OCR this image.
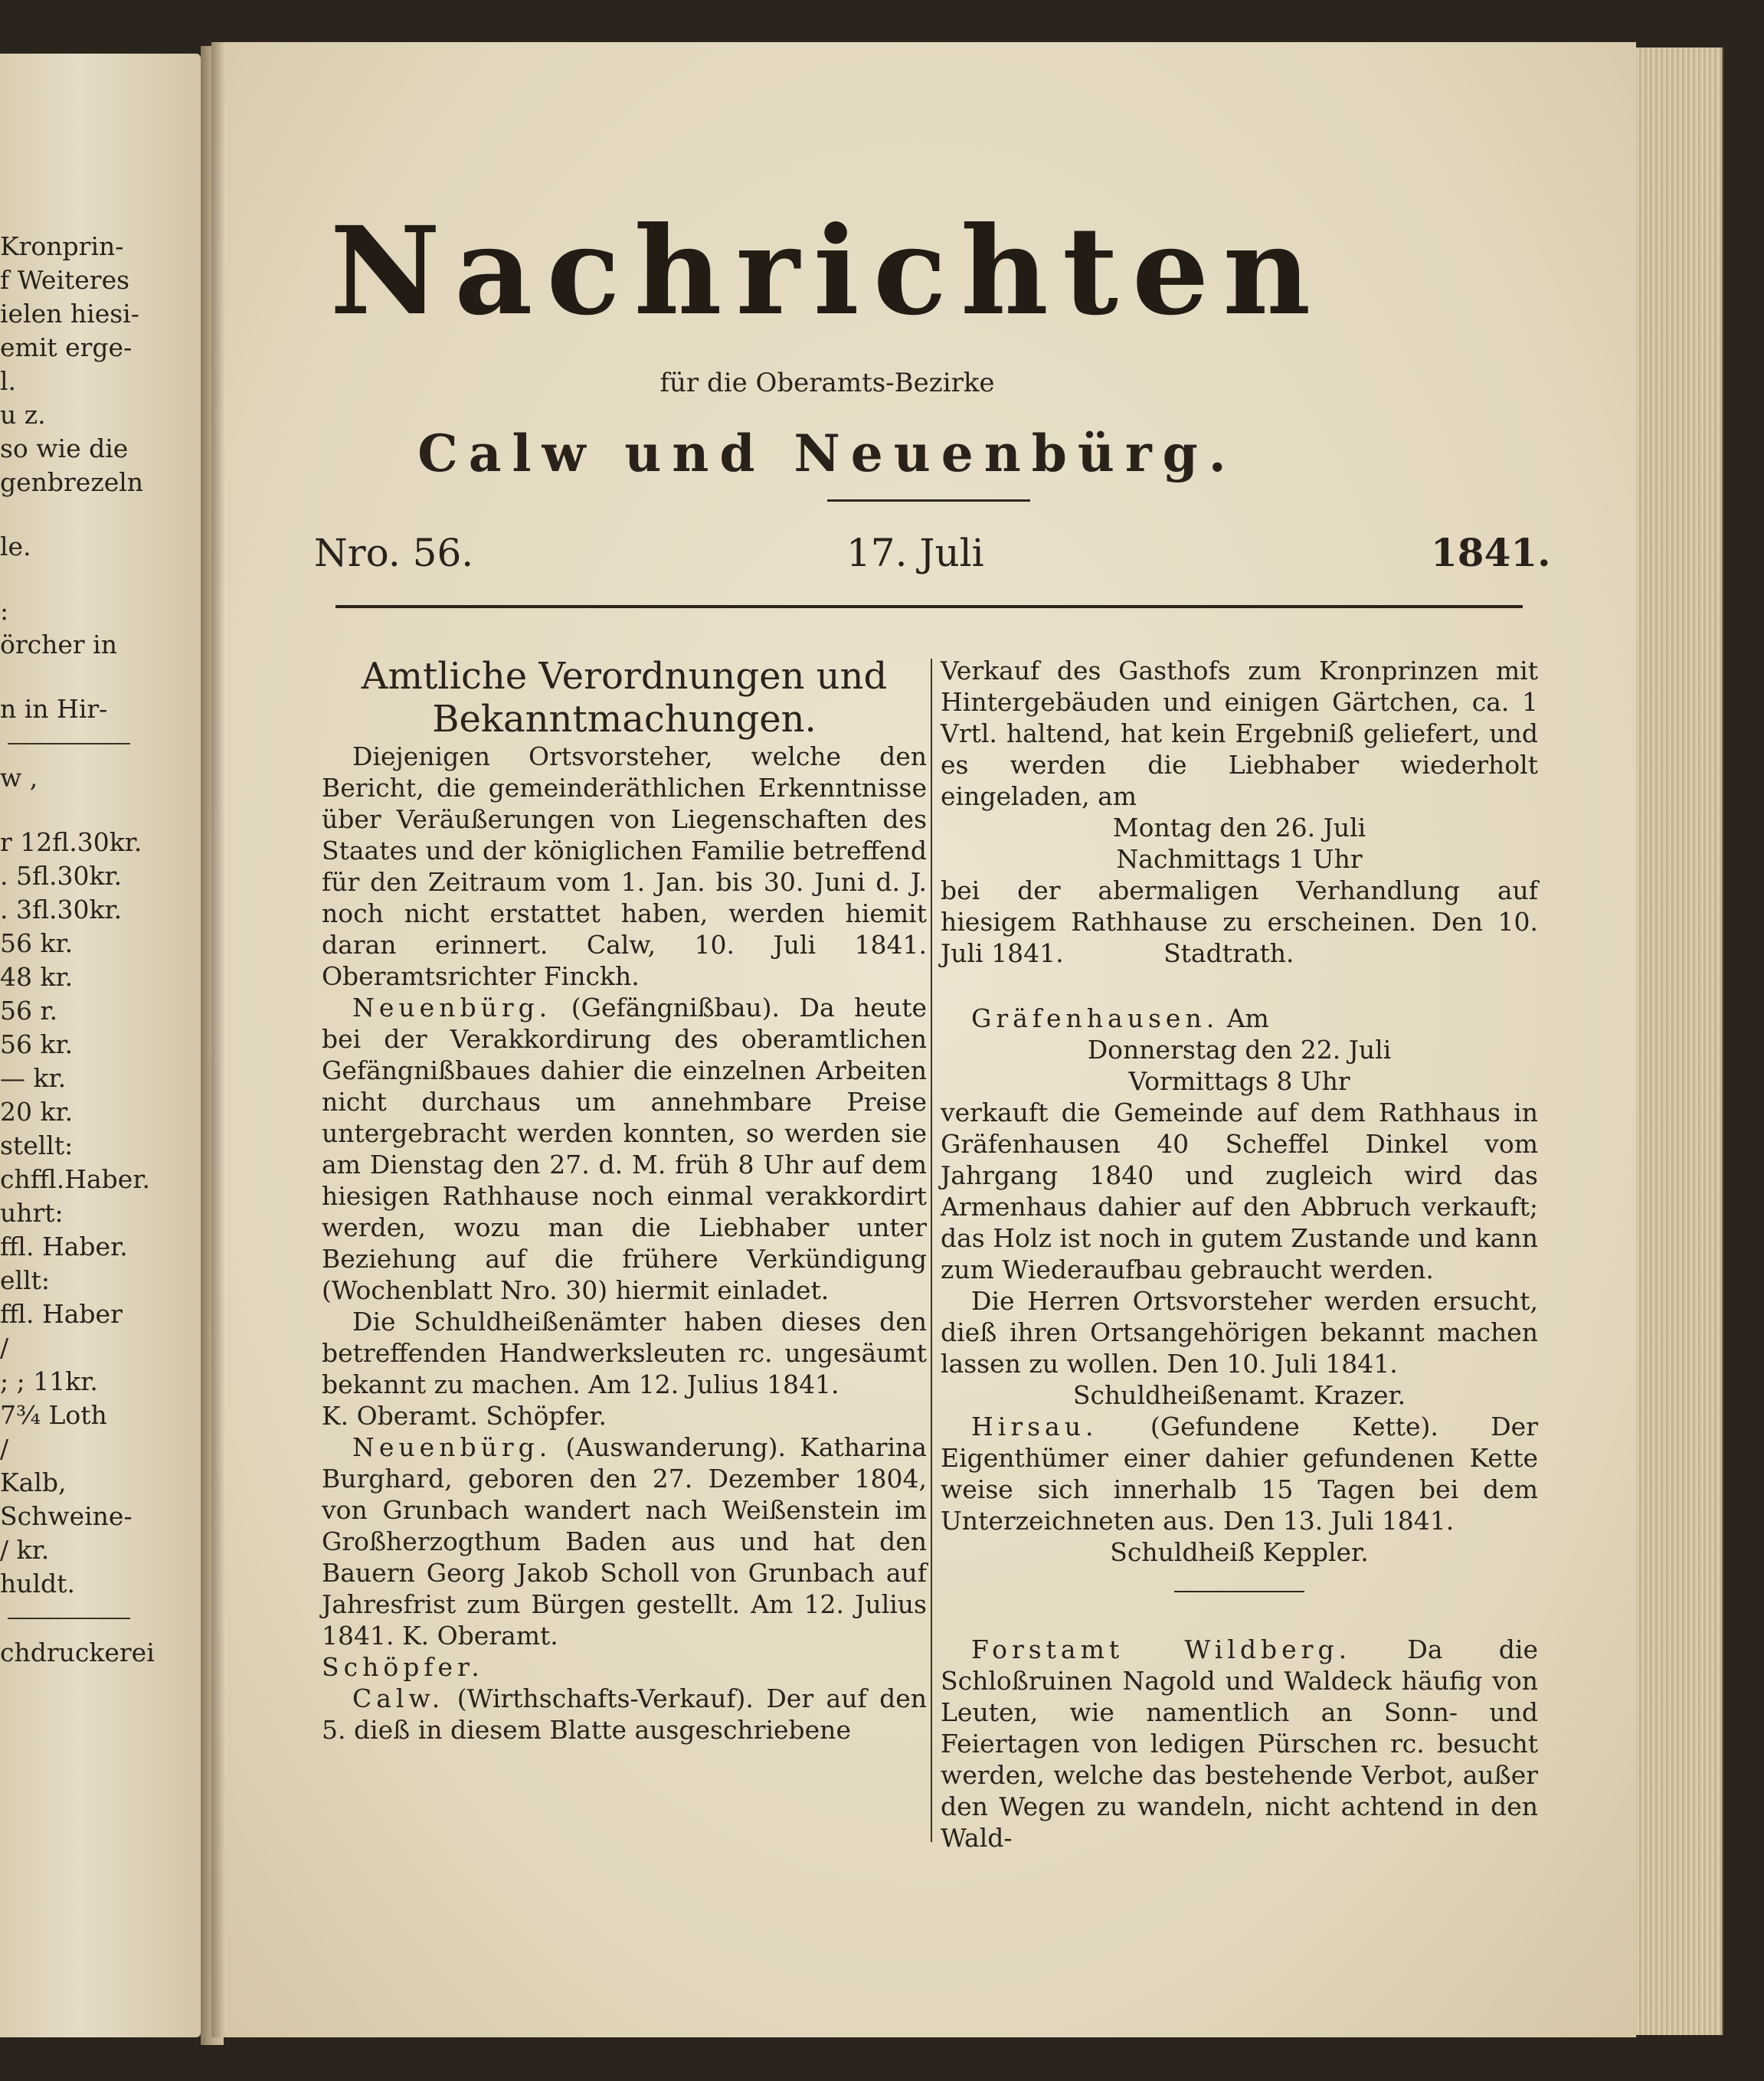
Kronprin-
f Weiteres
ielen hiesi-
emit erge-
l.
u z.
so wie die
genbrezeln
le.
:
örcher in
n in Hir-
w ,
r 12fl.30kr.
. 5fl.30kr.
. 3fl.30kr.
56 kr.
48 kr.
56 r.
56 kr.
— kr.
20 kr.
stellt:
chffl.Haber.
uhrt:
ffl. Haber.
ellt:
ffl. Haber
/
; ; 11kr.
7¾ Loth
/
Kalb,
Schweine-
/ kr.
huldt.
chdruckerei
Nachrichten
für die Oberamts-Bezirke
Calw und Neuenbürg.
Nro. 56.	17. Juli	1841.

Amtliche Verordnungen und Bekanntmachungen.

Diejenigen Ortsvorsteher, welche den Bericht, die gemeinderäthlichen Erkenntnisse über Veräußerungen von Liegenschaften des Staates und der königlichen Familie betreffend für den Zeitraum vom 1. Jan. bis 30. Juni d. J. noch nicht erstattet haben, werden hiemit daran erinnert. Calw, 10. Juli 1841. Oberamtsrichter Finckh.

Neuenbürg. (Gefängnißbau). Da heute bei der Verakkordirung des oberamtlichen Gefängnißbaues dahier die einzelnen Arbeiten nicht durchaus um annehmbare Preise untergebracht werden konnten, so werden sie am Dienstag den 27. d. M. früh 8 Uhr auf dem hiesigen Rathhause noch einmal verakkordirt werden, wozu man die Liebhaber unter Beziehung auf die frühere Verkündigung (Wochenblatt Nro. 30) hiermit einladet.

Die Schuldheißenämter haben dieses den betreffenden Handwerksleuten rc. ungesäumt bekannt zu machen. Am 12. Julius 1841.

K. Oberamt. Schöpfer.

Neuenbürg. (Auswanderung). Katharina Burghard, geboren den 27. Dezember 1804, von Grunbach wandert nach Weißenstein im Großherzogthum Baden aus und hat den Bauern Georg Jakob Scholl von Grunbach auf Jahresfrist zum Bürgen gestellt. Am 12. Julius 1841. K. Oberamt.

Schöpfer.

Calw. (Wirthschafts-Verkauf). Der auf den 5. dieß in diesem Blatte ausgeschriebene

Verkauf des Gasthofs zum Kronprinzen mit Hintergebäuden und einigen Gärtchen, ca. 1 Vrtl. haltend, hat kein Ergebniß geliefert, und es werden die Liebhaber wiederholt eingeladen, am

Montag den 26. Juli

Nachmittags 1 Uhr

bei der abermaligen Verhandlung auf hiesigem Rathhause zu erscheinen. Den 10. Juli 1841.	Stadtrath.

Gräfenhausen. Am

Donnerstag den 22. Juli

Vormittags 8 Uhr

verkauft die Gemeinde auf dem Rathhaus in Gräfenhausen 40 Scheffel Dinkel vom Jahrgang 1840 und zugleich wird das Armenhaus dahier auf den Abbruch verkauft; das Holz ist noch in gutem Zustande und kann zum Wiederaufbau gebraucht werden.

Die Herren Ortsvorsteher werden ersucht, dieß ihren Ortsangehörigen bekannt machen lassen zu wollen. Den 10. Juli 1841.

Schuldheißenamt. Krazer.

Hirsau. (Gefundene Kette). Der Eigenthümer einer dahier gefundenen Kette weise sich innerhalb 15 Tagen bei dem Unterzeichneten aus. Den 13. Juli 1841.

Schuldheiß Keppler.

Forstamt Wildberg. Da die Schloßruinen Nagold und Waldeck häufig von Leuten, wie namentlich an Sonn- und Feiertagen von ledigen Pürschen rc. besucht werden, welche das bestehende Verbot, außer den Wegen zu wandeln, nicht achtend in den Wald-
